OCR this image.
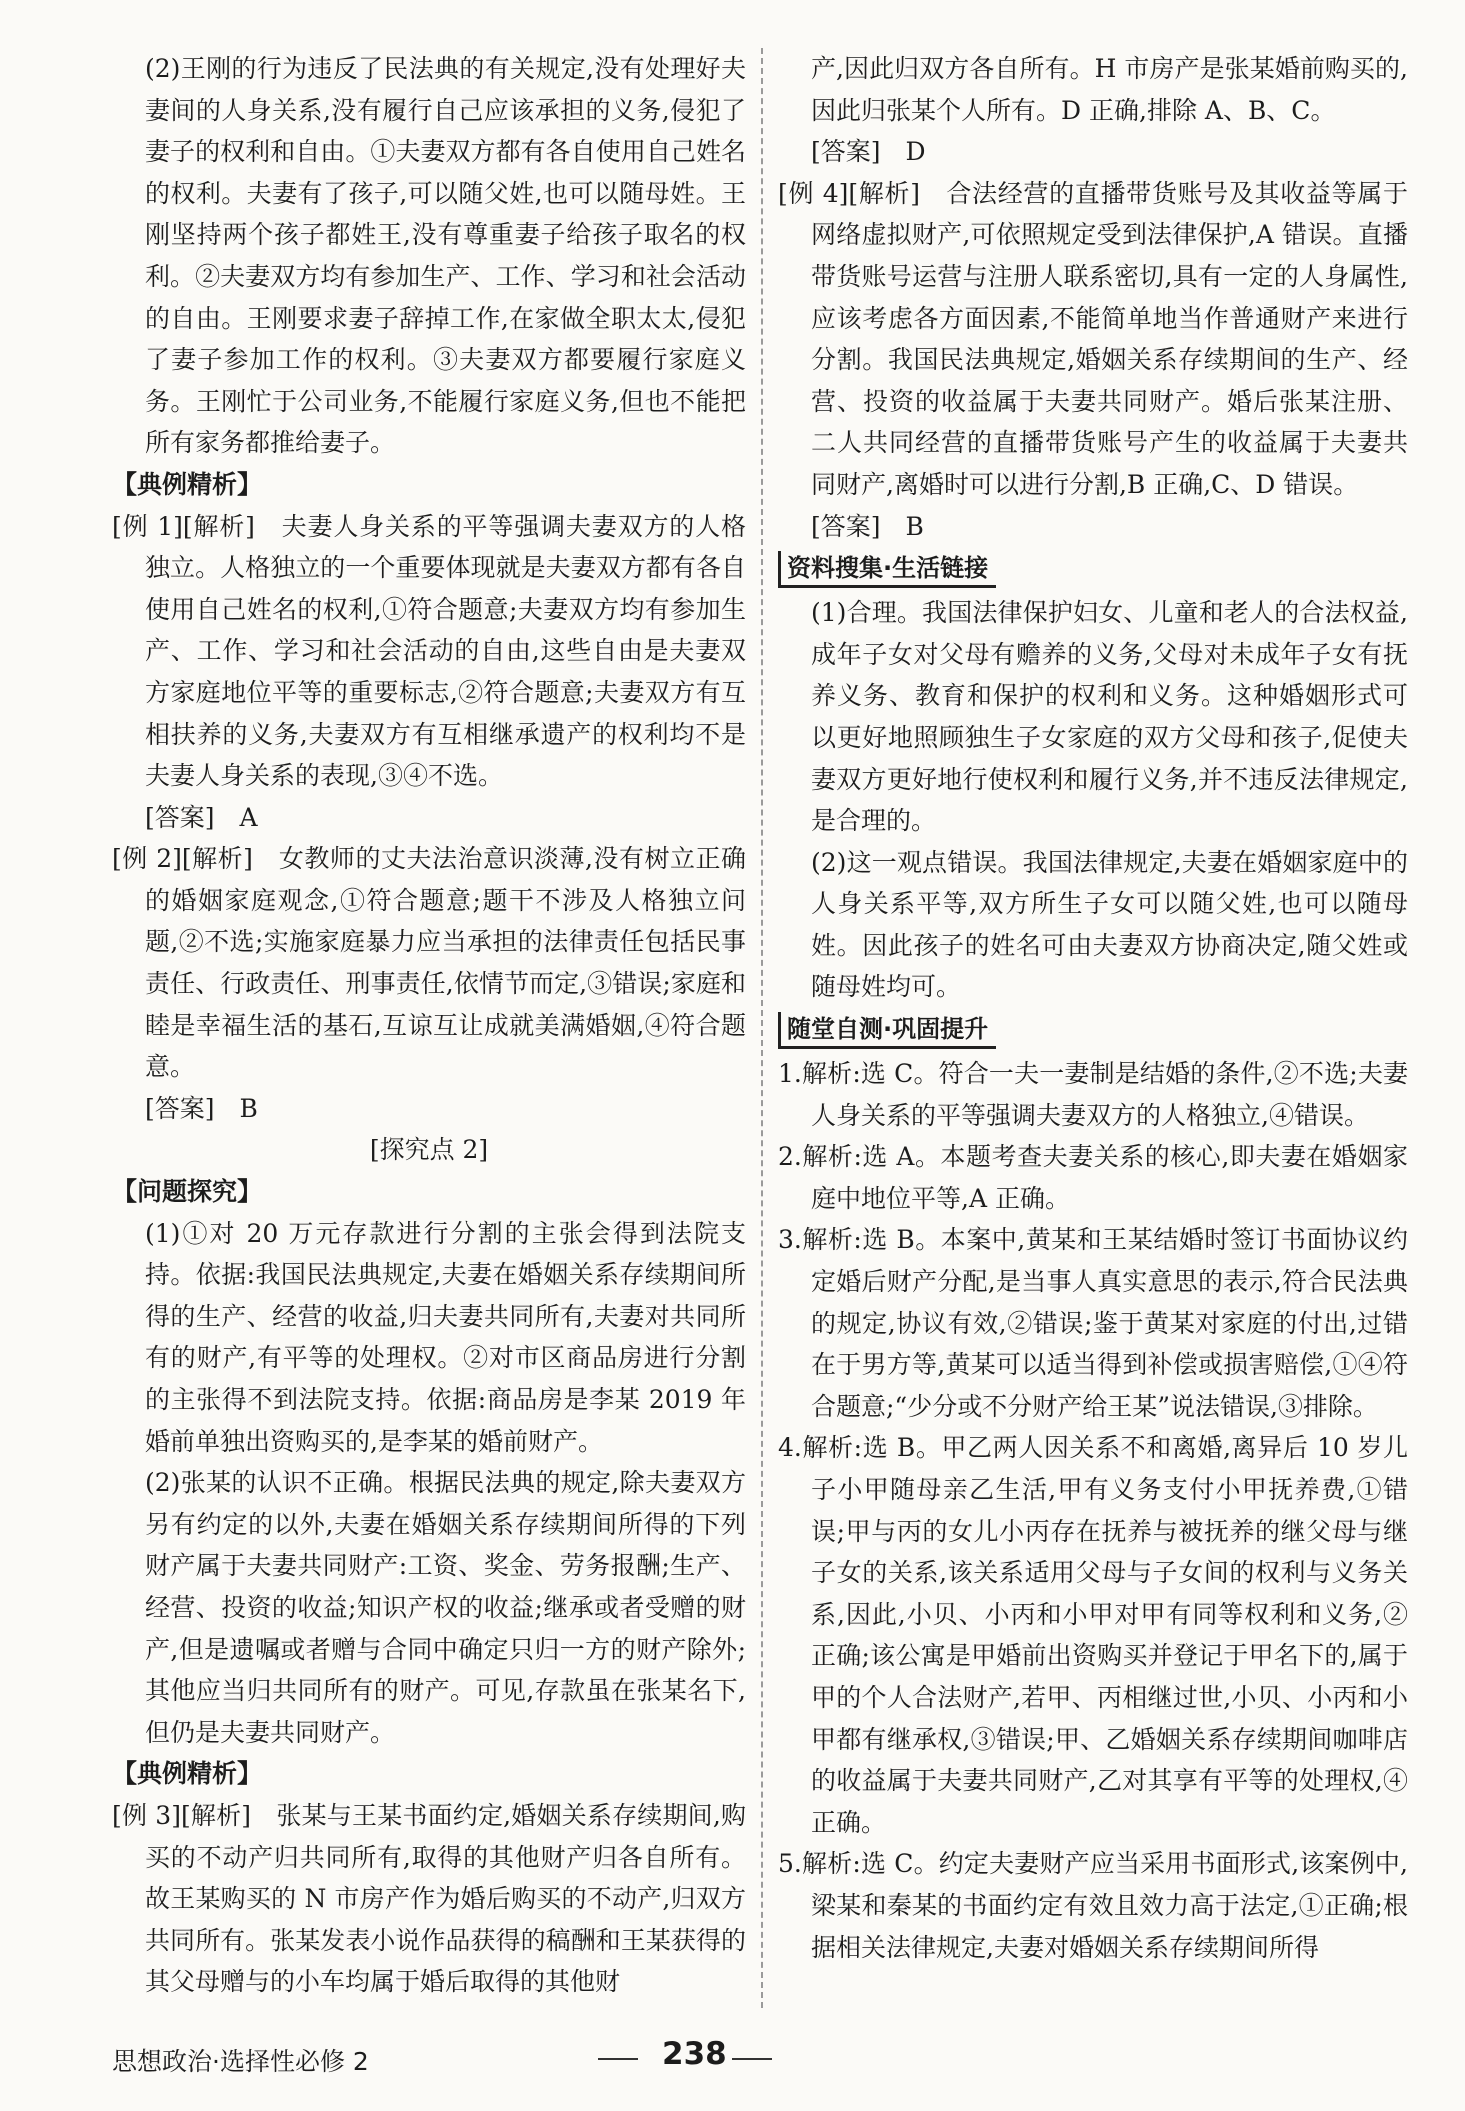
(2)王刚的行为违反了民法典的有关规定,没有处理好夫妻间的人身关系,没有履行自己应该承担的义务,侵犯了妻子的权利和自由。①夫妻双方都有各自使用自己姓名的权利。夫妻有了孩子,可以随父姓,也可以随母姓。王刚坚持两个孩子都姓王,没有尊重妻子给孩子取名的权利。②夫妻双方均有参加生产、工作、学习和社会活动的自由。王刚要求妻子辞掉工作,在家做全职太太,侵犯了妻子参加工作的权利。③夫妻双方都要履行家庭义务。王刚忙于公司业务,不能履行家庭义务,但也不能把所有家务都推给妻子。

【典例精析】

[例 1][解析]　夫妻人身关系的平等强调夫妻双方的人格独立。人格独立的一个重要体现就是夫妻双方都有各自使用自己姓名的权利,①符合题意;夫妻双方均有参加生产、工作、学习和社会活动的自由,这些自由是夫妻双方家庭地位平等的重要标志,②符合题意;夫妻双方有互相扶养的义务,夫妻双方有互相继承遗产的权利均不是夫妻人身关系的表现,③④不选。

[答案]　A

[例 2][解析]　女教师的丈夫法治意识淡薄,没有树立正确的婚姻家庭观念,①符合题意;题干不涉及人格独立问题,②不选;实施家庭暴力应当承担的法律责任包括民事责任、行政责任、刑事责任,依情节而定,③错误;家庭和睦是幸福生活的基石,互谅互让成就美满婚姻,④符合题意。

[答案]　B

[探究点 2]

【问题探究】

(1)①对 20 万元存款进行分割的主张会得到法院支持。依据:我国民法典规定,夫妻在婚姻关系存续期间所得的生产、经营的收益,归夫妻共同所有,夫妻对共同所有的财产,有平等的处理权。②对市区商品房进行分割的主张得不到法院支持。依据:商品房是李某 2019 年婚前单独出资购买的,是李某的婚前财产。

(2)张某的认识不正确。根据民法典的规定,除夫妻双方另有约定的以外,夫妻在婚姻关系存续期间所得的下列财产属于夫妻共同财产:工资、奖金、劳务报酬;生产、经营、投资的收益;知识产权的收益;继承或者受赠的财产,但是遗嘱或者赠与合同中确定只归一方的财产除外;其他应当归共同所有的财产。可见,存款虽在张某名下,但仍是夫妻共同财产。

【典例精析】

[例 3][解析]　张某与王某书面约定,婚姻关系存续期间,购买的不动产归共同所有,取得的其他财产归各自所有。故王某购买的 N 市房产作为婚后购买的不动产,归双方共同所有。张某发表小说作品获得的稿酬和王某获得的其父母赠与的小车均属于婚后取得的其他财

产,因此归双方各自所有。H 市房产是张某婚前购买的,因此归张某个人所有。D 正确,排除 A、B、C。

[答案]　D

[例 4][解析]　合法经营的直播带货账号及其收益等属于网络虚拟财产,可依照规定受到法律保护,A 错误。直播带货账号运营与注册人联系密切,具有一定的人身属性,应该考虑各方面因素,不能简单地当作普通财产来进行分割。我国民法典规定,婚姻关系存续期间的生产、经营、投资的收益属于夫妻共同财产。婚后张某注册、二人共同经营的直播带货账号产生的收益属于夫妻共同财产,离婚时可以进行分割,B 正确,C、D 错误。

[答案]　B

资料搜集·生活链接

(1)合理。我国法律保护妇女、儿童和老人的合法权益,成年子女对父母有赡养的义务,父母对未成年子女有抚养义务、教育和保护的权利和义务。这种婚姻形式可以更好地照顾独生子女家庭的双方父母和孩子,促使夫妻双方更好地行使权利和履行义务,并不违反法律规定,是合理的。

(2)这一观点错误。我国法律规定,夫妻在婚姻家庭中的人身关系平等,双方所生子女可以随父姓,也可以随母姓。因此孩子的姓名可由夫妻双方协商决定,随父姓或随母姓均可。

随堂自测·巩固提升

1.解析:选 C。符合一夫一妻制是结婚的条件,②不选;夫妻人身关系的平等强调夫妻双方的人格独立,④错误。

2.解析:选 A。本题考查夫妻关系的核心,即夫妻在婚姻家庭中地位平等,A 正确。

3.解析:选 B。本案中,黄某和王某结婚时签订书面协议约定婚后财产分配,是当事人真实意思的表示,符合民法典的规定,协议有效,②错误;鉴于黄某对家庭的付出,过错在于男方等,黄某可以适当得到补偿或损害赔偿,①④符合题意;“少分或不分财产给王某”说法错误,③排除。

4.解析:选 B。甲乙两人因关系不和离婚,离异后 10 岁儿子小甲随母亲乙生活,甲有义务支付小甲抚养费,①错误;甲与丙的女儿小丙存在抚养与被抚养的继父母与继子女的关系,该关系适用父母与子女间的权利与义务关系,因此,小贝、小丙和小甲对甲有同等权利和义务,②正确;该公寓是甲婚前出资购买并登记于甲名下的,属于甲的个人合法财产,若甲、丙相继过世,小贝、小丙和小甲都有继承权,③错误;甲、乙婚姻关系存续期间咖啡店的收益属于夫妻共同财产,乙对其享有平等的处理权,④正确。

5.解析:选 C。约定夫妻财产应当采用书面形式,该案例中,梁某和秦某的书面约定有效且效力高于法定,①正确;根据相关法律规定,夫妻对婚姻关系存续期间所得

思想政治·选择性必修 2	238
